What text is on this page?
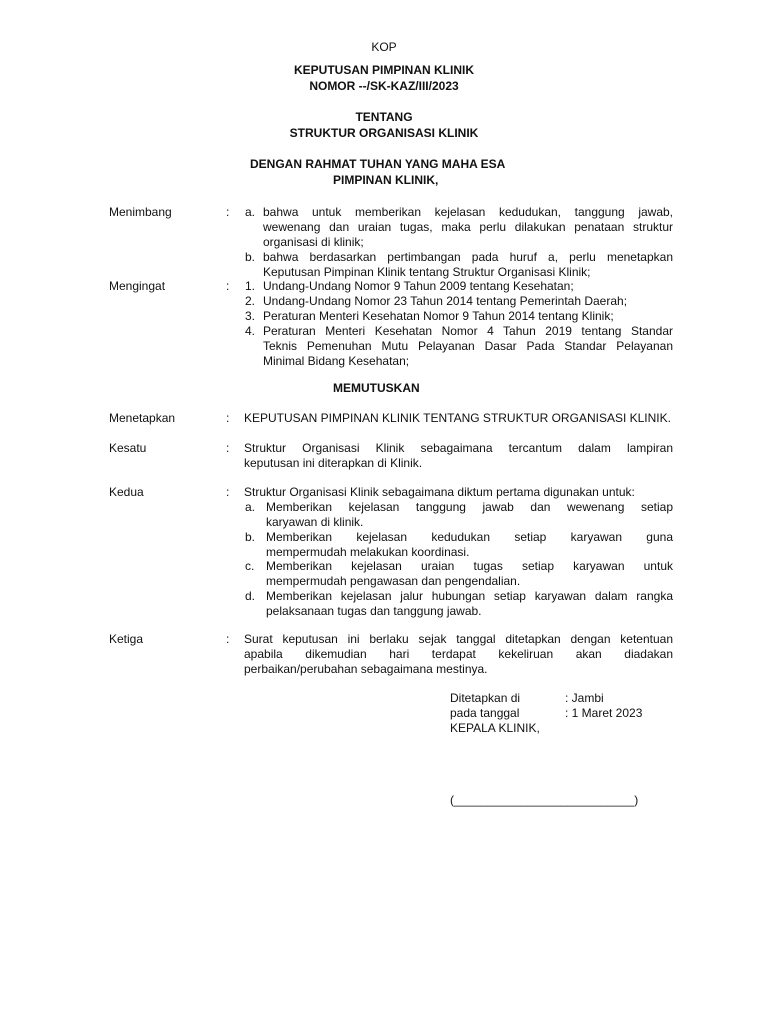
KOP
KEPUTUSAN PIMPINAN KLINIK
NOMOR --/SK-KAZ/III/2023
TENTANG
STRUKTUR ORGANISASI KLINIK
DENGAN RAHMAT TUHAN YANG MAHA ESA
PIMPINAN KLINIK,
Menimbang	: a. bahwa untuk memberikan kejelasan kedudukan, tanggung jawab,
wewenang dan uraian tugas, maka perlu dilakukan penataan struktur
organisasi di klinik;
b. bahwa berdasarkan pertimbangan pada huruf a, perlu menetapkan
Keputusan Pimpinan Klinik tentang Struktur Organisasi Klinik;
Mengingat	: 1. Undang-Undang Nomor 9 Tahun 2009 tentang Kesehatan;
2. Undang-Undang Nomor 23 Tahun 2014 tentang Pemerintah Daerah;
3. Peraturan Menteri Kesehatan Nomor 9 Tahun 2014 tentang Klinik;
4. Peraturan Menteri Kesehatan Nomor 4 Tahun 2019 tentang Standar
Teknis Pemenuhan Mutu Pelayanan Dasar Pada Standar Pelayanan
Minimal Bidang Kesehatan;
MEMUTUSKAN
Menetapkan	: KEPUTUSAN PIMPINAN KLINIK TENTANG STRUKTUR ORGANISASI KLINIK.
Kesatu	: Struktur Organisasi Klinik sebagaimana tercantum dalam lampiran
keputusan ini diterapkan di Klinik.
Kedua	: Struktur Organisasi Klinik sebagaimana diktum pertama digunakan untuk:
a. Memberikan kejelasan tanggung jawab dan wewenang setiap
karyawan di klinik.
b. Memberikan kejelasan kedudukan setiap karyawan guna
mempermudah melakukan koordinasi.
c. Memberikan kejelasan uraian tugas setiap karyawan untuk
mempermudah pengawasan dan pengendalian.
d. Memberikan kejelasan jalur hubungan setiap karyawan dalam rangka
pelaksanaan tugas dan tanggung jawab.
Ketiga	: Surat keputusan ini berlaku sejak tanggal ditetapkan dengan ketentuan
apabila dikemudian hari terdapat kekeliruan akan diadakan
perbaikan/perubahan sebagaimana mestinya.
Ditetapkan di	: Jambi
pada tanggal	: 1 Maret 2023
KEPALA KLINIK,
(___________________________)
